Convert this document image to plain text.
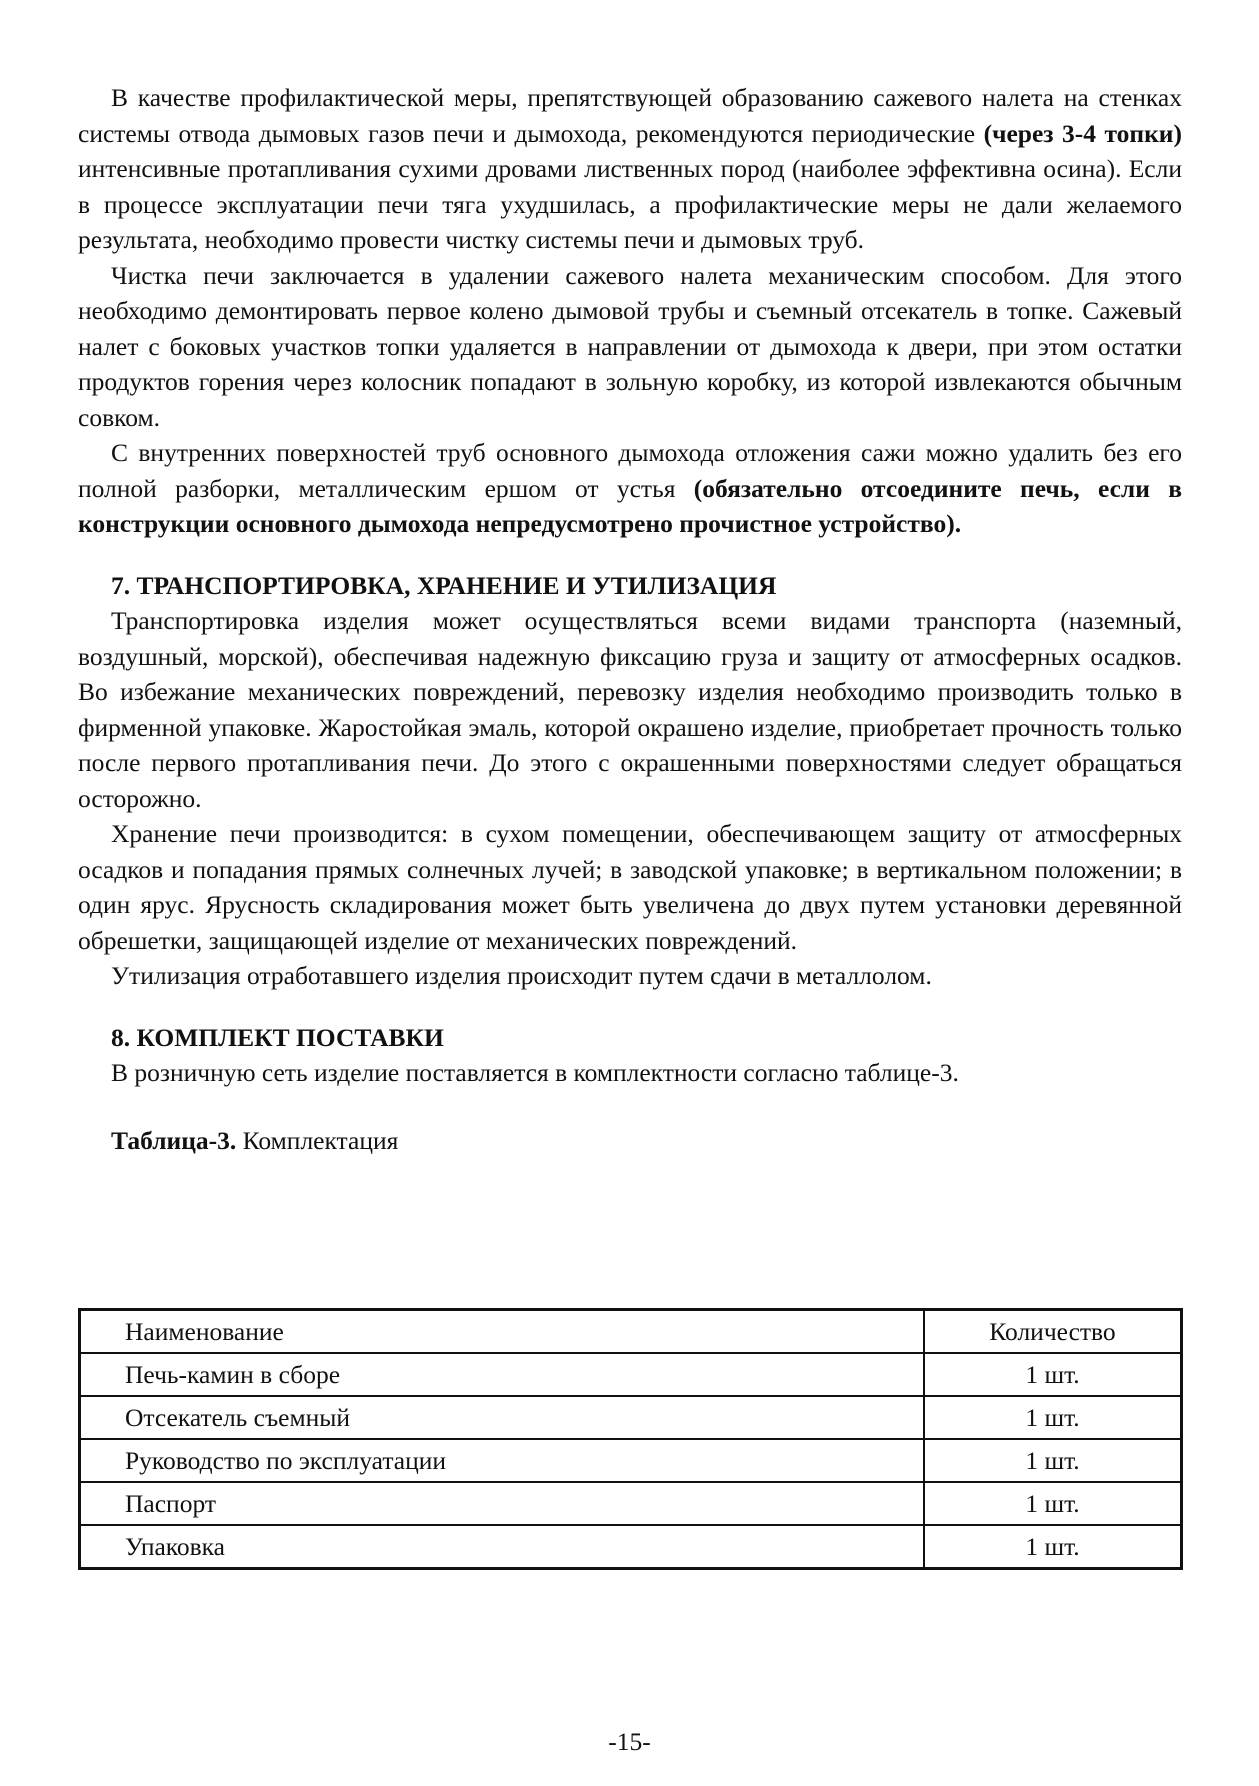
В качестве профилактической меры, препятствующей образованию сажевого налета на стенках системы отвода дымовых газов печи и дымохода, рекомендуются периодические (через 3-4 топки) интенсивные протапливания сухими дровами лиственных пород (наиболее эффективна осина). Если в процессе эксплуатации печи тяга ухудшилась, а профилактические меры не дали желаемого результата, необходимо провести чистку системы печи и дымовых труб.

Чистка печи заключается в удалении сажевого налета механическим способом. Для этого необходимо демонтировать первое колено дымовой трубы и съемный отсекатель в топке. Сажевый налет с боковых участков топки удаляется в направлении от дымохода к двери, при этом остатки продуктов горения через колосник попадают в зольную коробку, из которой извлекаются обычным совком.

С внутренних поверхностей труб основного дымохода отложения сажи можно удалить без его полной разборки, металлическим ершом от устья (обязательно отсоедините печь, если в конструкции основного дымохода непредусмотрено прочистное устройство).

7. ТРАНСПОРТИРОВКА, ХРАНЕНИЕ И УТИЛИЗАЦИЯ

Транспортировка изделия может осуществляться всеми видами транспорта (наземный, воздушный, морской), обеспечивая надежную фиксацию груза и защиту от атмосферных осадков. Во избежание механических повреждений, перевозку изделия необходимо производить только в фирменной упаковке. Жаростойкая эмаль, которой окрашено изделие, приобретает прочность только после первого протапливания печи. До этого с окрашенными поверхностями следует обращаться осторожно.

Хранение печи производится: в сухом помещении, обеспечивающем защиту от атмосферных осадков и попадания прямых солнечных лучей; в заводской упаковке; в вертикальном положении; в один ярус. Ярусность складирования может быть увеличена до двух путем установки деревянной обрешетки, защищающей изделие от механических повреждений.

Утилизация отработавшего изделия происходит путем сдачи в металлолом.

8. КОМПЛЕКТ ПОСТАВКИ

В розничную сеть изделие поставляется в комплектности согласно таблице-3.

Таблица-3. Комплектация
Наименование	Количество
Печь-камин в сборе	1 шт.
Отсекатель съемный	1 шт.
Руководство по эксплуатации	1 шт.
Паспорт	1 шт.
Упаковка	1 шт.
-15-
